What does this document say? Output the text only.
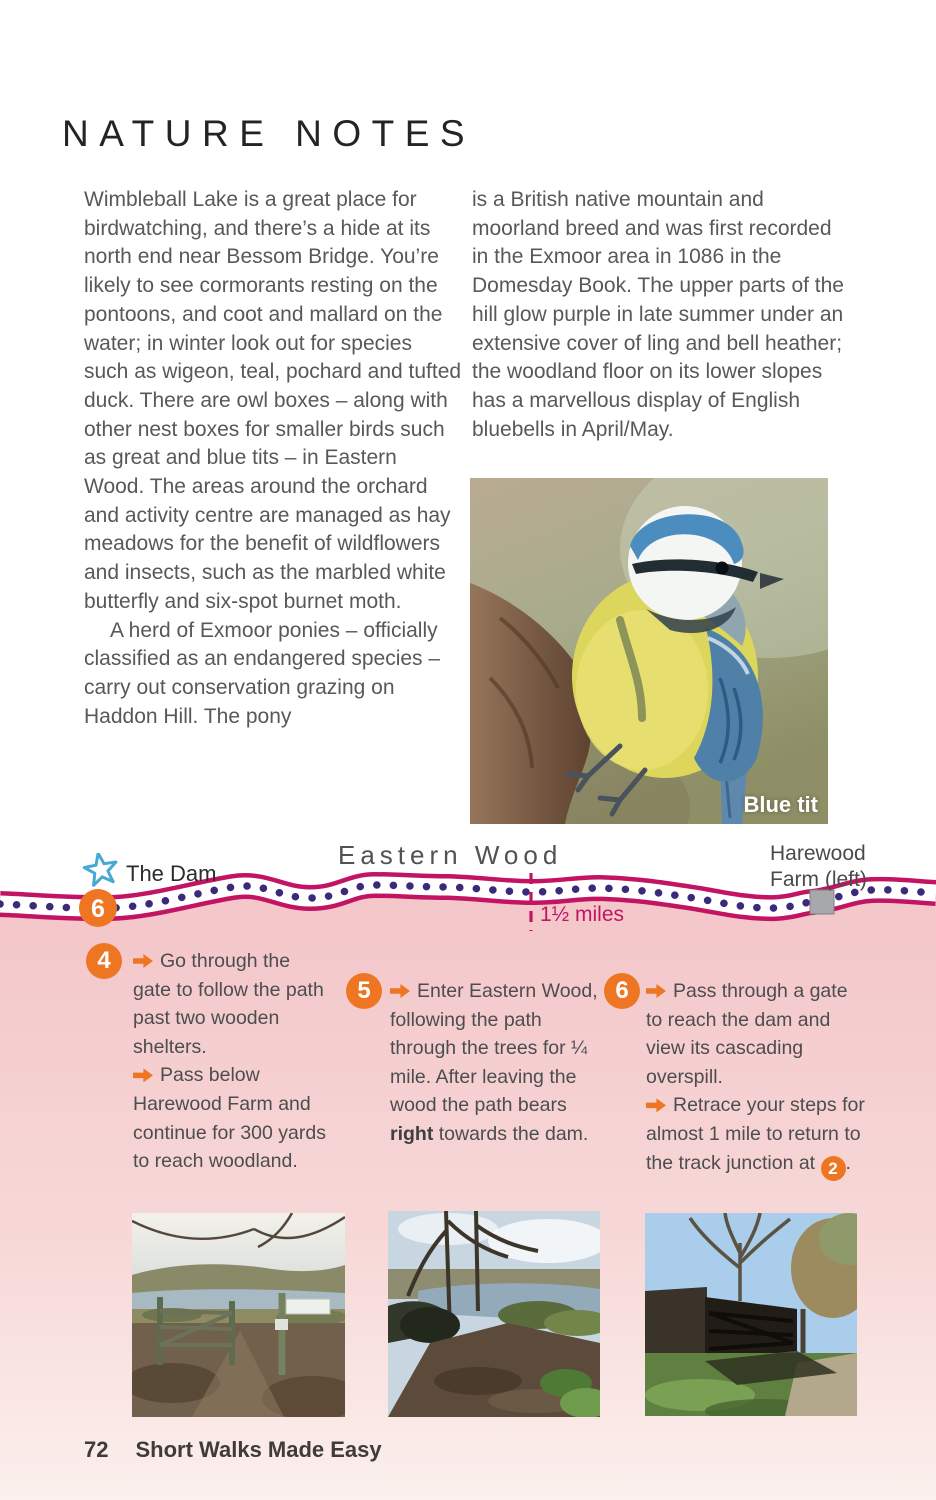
NATURE NOTES

Wimbleball Lake is a great place for birdwatching, and there’s a hide at its north end near Bessom Bridge. You’re likely to see cormorants resting on the pontoons, and coot and mallard on the water; in winter look out for species such as wigeon, teal, pochard and tufted duck. There are owl boxes – along with other nest boxes for smaller birds such as great and blue tits – in Eastern Wood. The areas around the orchard and activity centre are managed as hay meadows for the benefit of wildflowers and insects, such as the marbled white butterfly and six-spot burnet moth.

A herd of Exmoor ponies – officially classified as an endangered species – carry out conservation grazing on Haddon Hill. The pony

is a British native mountain and moorland breed and was first recorded in the Exmoor area in 1086 in the Domesday Book. The upper parts of the hill glow purple in late summer under an extensive cover of ling and bell heather; the woodland floor on its lower slopes has a marvellous display of English bluebells in April/May.

Blue tit
6
The Dam
Eastern Wood	Harewood
Farm (left)
1½ miles
4	Go through the gate to follow the path past two wooden shelters.

Pass below Harewood Farm and continue for 300 yards to reach woodland.

5	Enter Eastern Wood, following the path through the trees for ¼ mile. After leaving the wood the path bears right towards the dam.

6	Pass through a gate to reach the dam and view its cascading overspill.

Retrace your steps for almost 1 mile to return to the track junction at 2 .

72 Short Walks Made Easy
